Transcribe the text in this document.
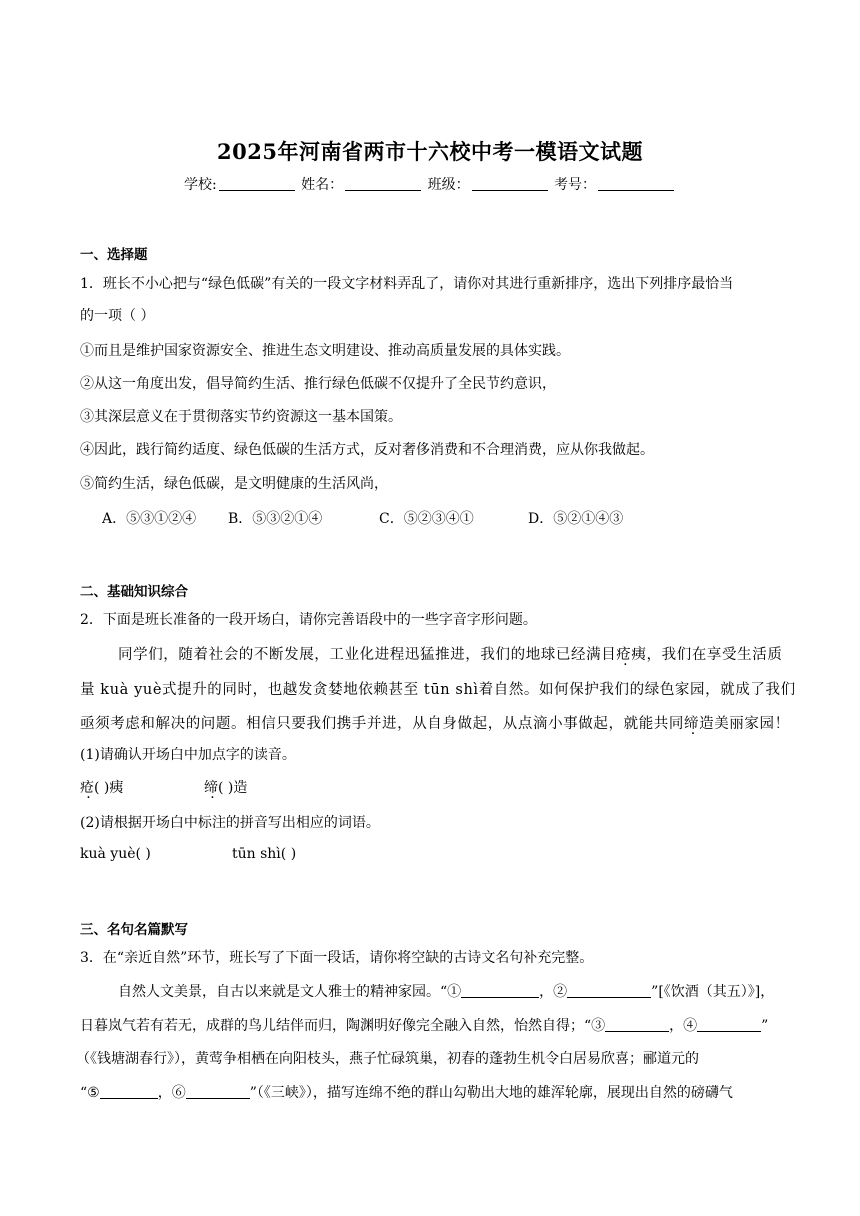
2025年河南省两市十六校中考一模语文试题
学校:	姓名：	班级：	考号：
一、选择题
1．班长不小心把与“绿色低碳”有关的一段文字材料弄乱了，请你对其进行重新排序，选出下列排序最恰当
的一项（ ）
①而且是维护国家资源安全、推进生态文明建设、推动高质量发展的具体实践。
②从这一角度出发，倡导简约生活、推行绿色低碳不仅提升了全民节约意识，
③其深层意义在于贯彻落实节约资源这一基本国策。
④因此，践行简约适度、绿色低碳的生活方式，反对奢侈消费和不合理消费，应从你我做起。
⑤简约生活，绿色低碳，是文明健康的生活风尚，
A．⑤③①②④ B．⑤③②①④	C．⑤②③④①	D．⑤②①④③
二、基础知识综合
2．下面是班长准备的一段开场白，请你完善语段中的一些字音字形问题。
同学们，随着社会的不断发展，工业化进程迅猛推进，我们的地球已经满目疮痍，我们在享受生活质
量 kuà yuè式提升的同时，也越发贪婪地依赖甚至 tūn shì着自然。如何保护我们的绿色家园，就成了我们
亟须考虑和解决的问题。相信只要我们携手并进，从自身做起，从点滴小事做起，就能共同缔造美丽家园！
(1)请确认开场白中加点字的读音。
疮( )痍	缔( )造
(2)请根据开场白中标注的拼音写出相应的词语。
kuà yuè( )	tūn shì( )
三、名句名篇默写
3．在“亲近自然”环节，班长写了下面一段话，请你将空缺的古诗文名句补充完整。
自然人文美景，自古以来就是文人雅士的精神家园。“①	，②	”[《饮酒（其五）》]，
日暮岚气若有若无，成群的鸟儿结伴而归，陶渊明好像完全融入自然，怡然自得；“③	，④	”
（《钱塘湖春行》），黄莺争相栖在向阳枝头，燕子忙碌筑巢，初春的蓬勃生机令白居易欣喜；郦道元的
“⑤	，⑥	”（《三峡》），描写连绵不绝的群山勾勒出大地的雄浑轮廓，展现出自然的磅礴气
